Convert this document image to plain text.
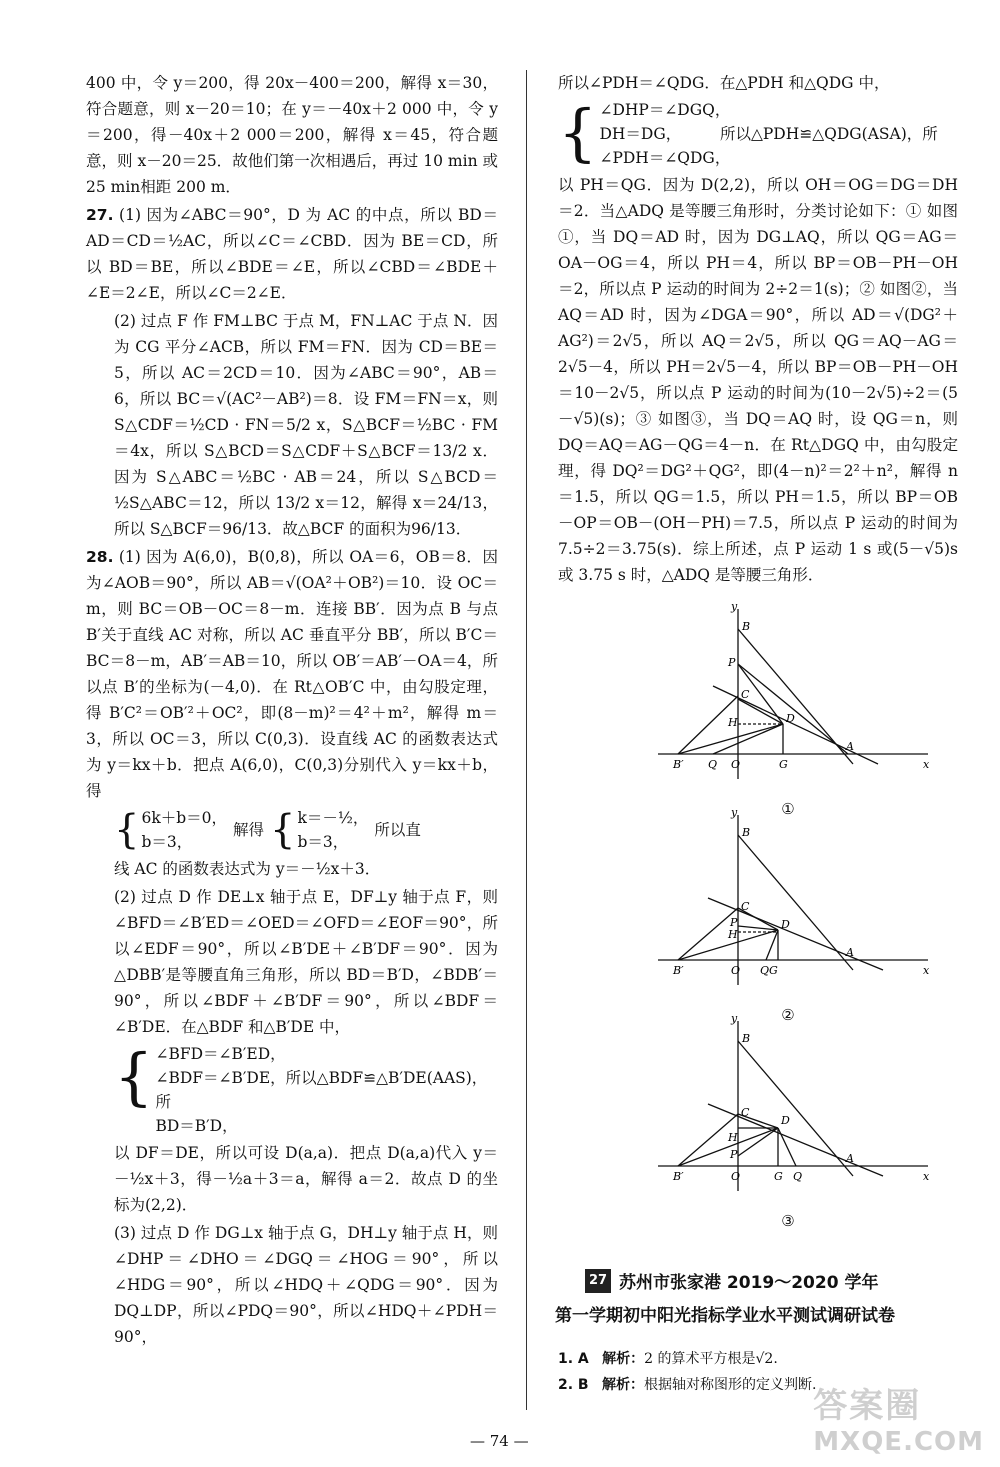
400 中，令 y＝200，得 20x－400＝200，解得 x＝30，符合题意，则 x－20＝10；在 y＝－40x＋2 000 中，令 y＝200，得－40x＋2 000＝200，解得 x＝45，符合题意，则 x－20＝25．故他们第一次相遇后，再过 10 min 或 25 min相距 200 m．

27. (1) 因为∠ABC＝90°，D 为 AC 的中点，所以 BD＝AD＝CD＝½AC，所以∠C＝∠CBD．因为 BE＝CD，所以 BD＝BE，所以∠BDE＝∠E，所以∠CBD＝∠BDE＋∠E＝2∠E，所以∠C＝2∠E．

(2) 过点 F 作 FM⊥BC 于点 M，FN⊥AC 于点 N．因为 CG 平分∠ACB，所以 FM＝FN．因为 CD＝BE＝5，所以 AC＝2CD＝10．因为∠ABC＝90°，AB＝6，所以 BC＝√(AC²－AB²)＝8．设 FM＝FN＝x，则 S△CDF＝½CD · FN＝5/2 x，S△BCF＝½BC · FM＝4x，所以 S△BCD＝S△CDF＋S△BCF＝13/2 x．因为 S△ABC＝½BC · AB＝24，所以 S△BCD＝½S△ABC＝12，所以 13/2 x＝12，解得 x＝24/13，所以 S△BCF＝96/13．故△BCF 的面积为96/13．

28. (1) 因为 A(6,0)，B(0,8)，所以 OA＝6，OB＝8．因为∠AOB＝90°，所以 AB＝√(OA²＋OB²)＝10．设 OC＝m，则 BC＝OB－OC＝8－m．连接 BB′．因为点 B 与点 B′关于直线 AC 对称，所以 AC 垂直平分 BB′，所以 B′C＝BC＝8－m，AB′＝AB＝10，所以 OB′＝AB′－OA＝4，所以点 B′的坐标为(－4,0)．在 Rt△OB′C 中，由勾股定理，得 B′C²＝OB′²＋OC²，即(8－m)²＝4²＋m²，解得 m＝3，所以 OC＝3，所以 C(0,3)．设直线 AC 的函数表达式为 y＝kx＋b．把点 A(6,0)，C(0,3)分别代入 y＝kx＋b，得

{ 6k＋b＝0，
b＝3，
解得 { k＝－½，
b＝3，
所以直

线 AC 的函数表达式为 y＝－½x＋3．

(2) 过点 D 作 DE⊥x 轴于点 E，DF⊥y 轴于点 F，则∠BFD＝∠B′ED＝∠OED＝∠OFD＝∠EOF＝90°，所以∠EDF＝90°，所以∠B′DE＋∠B′DF＝90°．因为△DBB′是等腰直角三角形，所以 BD＝B′D，∠BDB′＝90°，所以∠BDF＋∠B′DF＝90°，所以∠BDF＝∠B′DE．在△BDF 和△B′DE 中，

{ ∠BFD＝∠B′ED，
∠BDF＝∠B′DE，所以△BDF≌△B′DE(AAS)，所
BD＝B′D，

以 DF＝DE，所以可设 D(a,a)．把点 D(a,a)代入 y＝－½x＋3，得－½a＋3＝a，解得 a＝2．故点 D 的坐标为(2,2)．

(3) 过点 D 作 DG⊥x 轴于点 G，DH⊥y 轴于点 H，则∠DHP＝∠DHO＝∠DGQ＝∠HOG＝90°，所以∠HDG＝90°，所以∠HDQ＋∠QDG＝90°．因为 DQ⊥DP，所以∠PDQ＝90°，所以∠HDQ＋∠PDH＝90°，

所以∠PDH＝∠QDG．在△PDH 和△QDG 中，

{ ∠DHP＝∠DGQ，
DH＝DG，　　　所以△PDH≌△QDG(ASA)，所
∠PDH＝∠QDG，

以 PH＝QG．因为 D(2,2)，所以 OH＝OG＝DG＝DH＝2．当△ADQ 是等腰三角形时，分类讨论如下：① 如图①，当 DQ＝AD 时，因为 DG⊥AQ，所以 QG＝AG＝OA－OG＝4，所以 PH＝4，所以 BP＝OB－PH－OH＝2，所以点 P 运动的时间为 2÷2＝1(s)；② 如图②，当 AQ＝AD 时，因为∠DGA＝90°，所以 AD＝√(DG²＋AG²)＝2√5，所以 AQ＝2√5，所以 QG＝AQ－AG＝2√5－4，所以 PH＝2√5－4，所以 BP＝OB－PH－OH＝10－2√5，所以点 P 运动的时间为(10－2√5)÷2＝(5－√5)(s)；③ 如图③，当 DQ＝AQ 时，设 QG＝n，则 DQ＝AQ＝AG－QG＝4－n．在 Rt△DGQ 中，由勾股定理，得 DQ²＝DG²＋QG²，即(4－n)²＝2²＋n²，解得 n＝1.5，所以 QG＝1.5，所以 PH＝1.5，所以 BP＝OB－OP＝OB－(OH－PH)＝7.5，所以点 P 运动的时间为 7.5÷2＝3.75(s)．综上所述，点 P 运动 1 s 或(5－√5)s 或 3.75 s 时，△ADQ 是等腰三角形．

y
x
B
P
C
H	D
A
B′ Q O	G
①
y
x
B
C
P
H
D
A
B′	O QG
②
y
x
B
C
H
P
D
A
B′	O	G Q
③
27 苏州市张家港 2019～2020 学年
第一学期初中阳光指标学业水平测试调研试卷
1. A 解析：2 的算术平方根是√2.
2. B 解析：根据轴对称图形的定义判断.
— 74 —
答案圈
MXQE.COM
